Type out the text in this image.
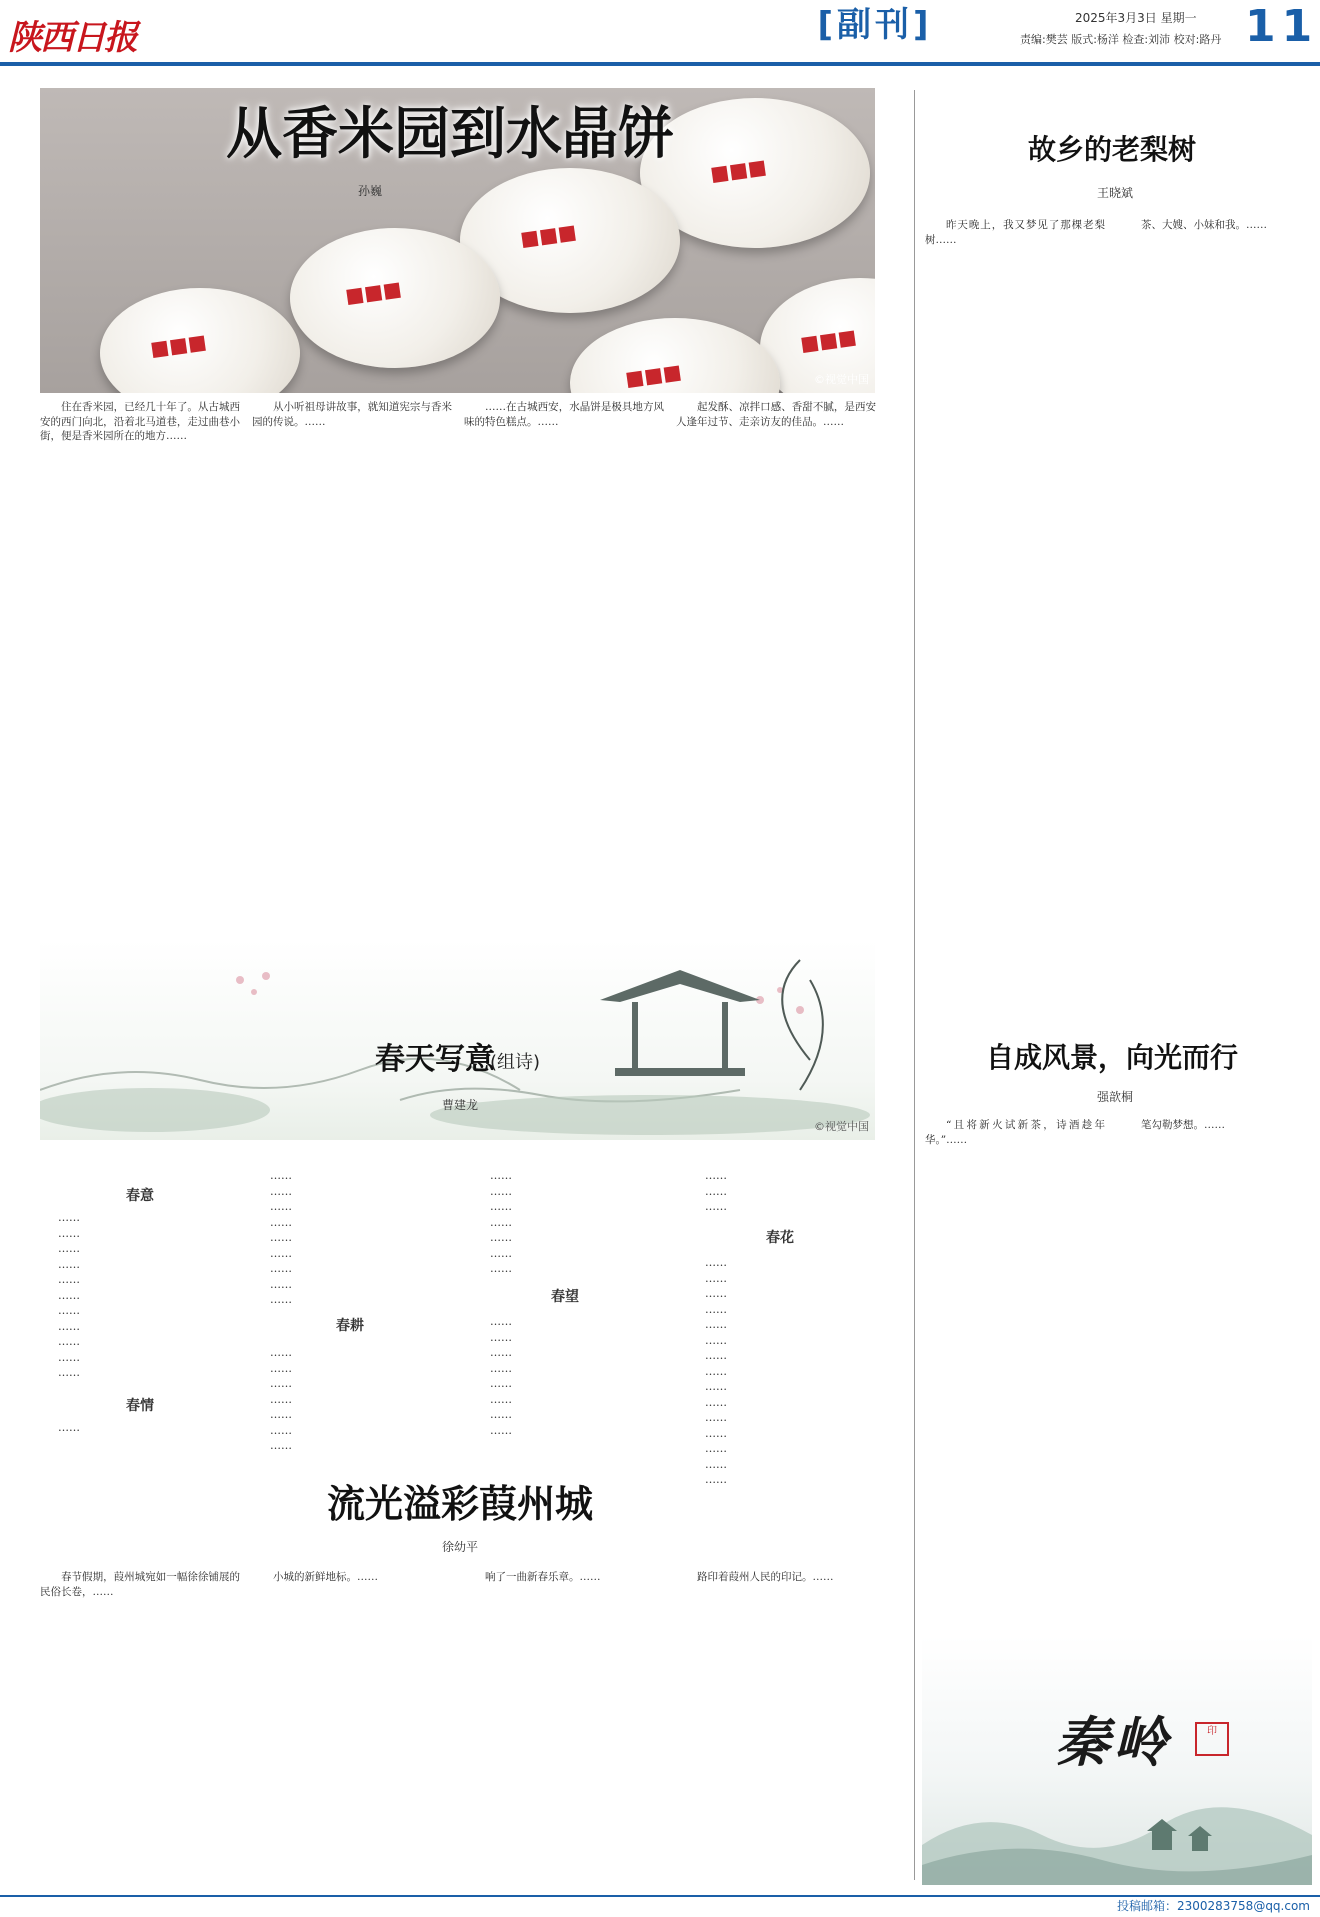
陕西日报	[副刊]	2025年3月3日 星期一
责编:樊芸 版式:杨洋 检查:刘沛 校对:路丹 11
■■■
■■■
■■■
■■■	■■■
■■■	©视觉中国
从香米园到水晶饼
孙巍
住在香米园，已经几十年了。从古城西安的西门向北，沿着北马道巷，走过曲巷小街，便是香米园所在的地方……
从小听祖母讲故事，就知道宪宗与香米园的传说。……
……在古城西安，水晶饼是极具地方风味的特色糕点。……
起发酥、凉拌口感、香甜不腻，是西安人逢年过节、走亲访友的佳品。……
©视觉中国
春天写意
(组诗)
曹建龙
春意
……
……
……
……
……
……
……
……
……
……
……
春情
……
……
……
……
……
……
……
……
……
……
春耕
……
……
……
……
……
……
……
……
……
……
……
……
……
……
春望
……
……
……
……
……
……
……
……
……
……
……
春花
……
……
……
……
……
……
……
……
……
……
……
……
……
……
……
流光溢彩葭州城
徐幼平
春节假期，葭州城宛如一幅徐徐铺展的民俗长卷，……
小城的新鲜地标。……	响了一曲新春乐章。……	路印着葭州人民的印记。……
故乡的老梨树
王晓斌
昨天晚上，我又梦见了那棵老梨树……
茶、大嫂、小妹和我。……
自成风景，向光而行
强歆桐
“且将新火试新茶，诗酒趁年华。”……
笔勾勒梦想。……
秦岭	印
投稿邮箱：2300283758@qq.com
